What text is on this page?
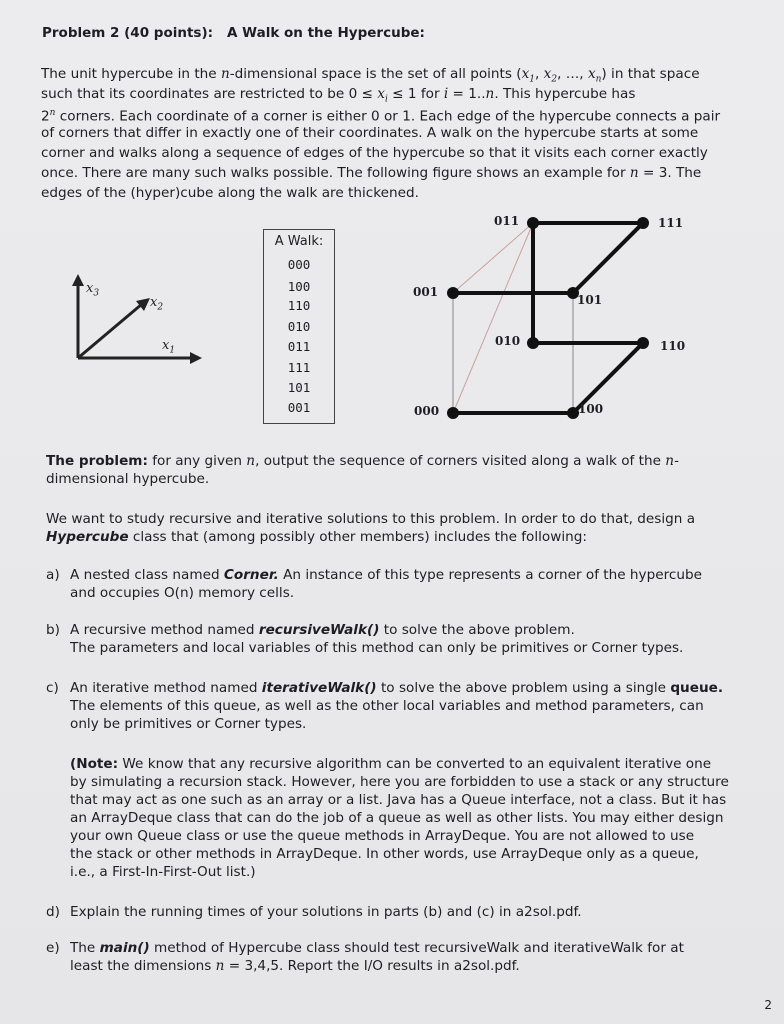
Problem 2 (40 points): A Walk on the Hypercube:
The unit hypercube in the n-dimensional space is the set of all points ($x_1$, $x_2$, …, $x_n$) in that space
such that its coordinates are restricted to be $0 \le x_i \le 1$ for i = 1..n. This hypercube has
2$^n$ corners. Each coordinate of a corner is either 0 or 1. Each edge of the hypercube connects a pair
of corners that differ in exactly one of their coordinates. A walk on the hypercube starts at some
corner and walks along a sequence of edges of the hypercube so that it visits each corner exactly
once. There are many such walks possible. The following figure shows an example for n = 3. The
edges of the (hyper)cube along the walk are thickened.
$x_3$
$x_2$
$x_1$
A Walk:
000
100
110
010
011
111
101
001
011	111
001
101
010	110
000	100
The problem: for any given n, output the sequence of corners visited along a walk of the n-
dimensional hypercube.
We want to study recursive and iterative solutions to this problem. In order to do that, design a
Hypercube class that (among possibly other members) includes the following:
a) A nested class named Corner. An instance of this type represents a corner of the hypercube
and occupies O(n) memory cells.
b) A recursive method named recursiveWalk() to solve the above problem.
The parameters and local variables of this method can only be primitives or Corner types.
c) An iterative method named iterativeWalk() to solve the above problem using a single queue.
The elements of this queue, as well as the other local variables and method parameters, can
only be primitives or Corner types.
(Note: We know that any recursive algorithm can be converted to an equivalent iterative one
by simulating a recursion stack. However, here you are forbidden to use a stack or any structure
that may act as one such as an array or a list. Java has a Queue interface, not a class. But it has
an ArrayDeque class that can do the job of a queue as well as other lists. You may either design
your own Queue class or use the queue methods in ArrayDeque. You are not allowed to use
the stack or other methods in ArrayDeque. In other words, use ArrayDeque only as a queue,
i.e., a First-In-First-Out list.)
d) Explain the running times of your solutions in parts (b) and (c) in a2sol.pdf.
e) The main() method of Hypercube class should test recursiveWalk and iterativeWalk for at
least the dimensions n = 3,4,5. Report the I/O results in a2sol.pdf.
2
